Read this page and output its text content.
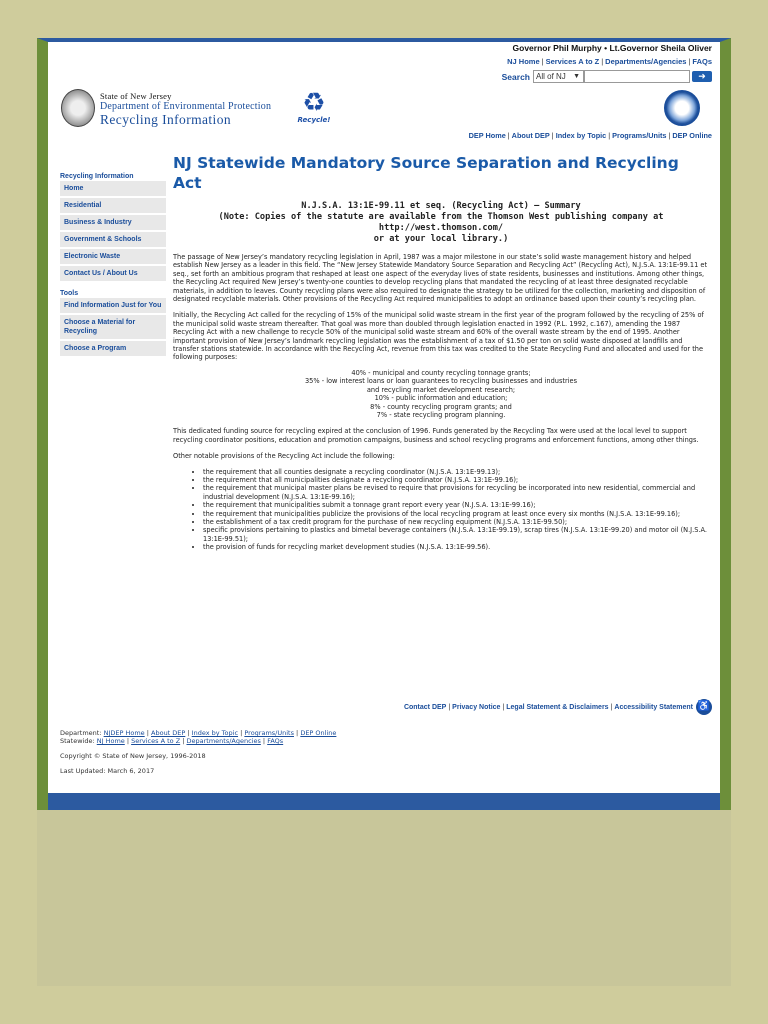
Governor Phil Murphy • Lt.Governor Sheila Oliver
NJ Home | Services A to Z | Departments/Agencies | FAQs
Search All of NJ ▼	➜
State of New Jersey
Department of Environmental Protection
Recycling Information
♻
Recycle!
DEP Home | About DEP | Index by Topic | Programs/Units | DEP Online
Recycling Information
Home
Residential
Business & Industry
Government & Schools
Electronic Waste
Contact Us / About Us
Tools
Find Information Just for You
Choose a Material for Recycling
Choose a Program
NJ Statewide Mandatory Source Separation and Recycling Act
N.J.S.A. 13:1E-99.11 et seq. (Recycling Act) – Summary
(Note: Copies of the statute are available from the Thomson West publishing company at
http://west.thomson.com/
or at your local library.)

The passage of New Jersey’s mandatory recycling legislation in April, 1987 was a major milestone in our state’s solid waste management history and helped establish New Jersey as a leader in this field. The “New Jersey Statewide Mandatory Source Separation and Recycling Act” (Recycling Act), N.J.S.A. 13:1E-99.11 et seq., set forth an ambitious program that reshaped at least one aspect of the everyday lives of state residents, businesses and institutions. Among other things, the Recycling Act required New Jersey’s twenty-one counties to develop recycling plans that mandated the recycling of at least three designated recyclable materials, in addition to leaves. County recycling plans were also required to designate the strategy to be utilized for the collection, marketing and disposition of designated recyclable materials. Other provisions of the Recycling Act required municipalities to adopt an ordinance based upon their county’s recycling plan.

Initially, the Recycling Act called for the recycling of 15% of the municipal solid waste stream in the first year of the program followed by the recycling of 25% of the municipal solid waste stream thereafter. That goal was more than doubled through legislation enacted in 1992 (P.L. 1992, c.167), amending the 1987 Recycling Act with a new challenge to recycle 50% of the municipal solid waste stream and 60% of the overall waste stream by the end of 1995. Another important provision of New Jersey’s landmark recycling legislation was the establishment of a tax of $1.50 per ton on solid waste disposed at landfills and transfer stations statewide. In accordance with the Recycling Act, revenue from this tax was credited to the State Recycling Fund and allocated and used for the following purposes:

40% - municipal and county recycling tonnage grants;
35% - low interest loans or loan guarantees to recycling businesses and industries
and recycling market development research;
10% - public information and education;
8% - county recycling program grants; and
7% - state recycling program planning.

This dedicated funding source for recycling expired at the conclusion of 1996. Funds generated by the Recycling Tax were used at the local level to support recycling coordinator positions, education and promotion campaigns, business and school recycling programs and enforcement functions, among other things.

Other notable provisions of the Recycling Act include the following:

• the requirement that all counties designate a recycling coordinator (N.J.S.A. 13:1E-99.13);
• the requirement that all municipalities designate a recycling coordinator (N.J.S.A. 13:1E-99.16);
• the requirement that municipal master plans be revised to require that provisions for recycling be incorporated into new residential, commercial and industrial development (N.J.S.A. 13:1E-99.16);
• the requirement that municipalities submit a tonnage grant report every year (N.J.S.A. 13:1E-99.16);
• the requirement that municipalities publicize the provisions of the local recycling program at least once every six months (N.J.S.A. 13:1E-99.16);
• the establishment of a tax credit program for the purchase of new recycling equipment (N.J.S.A. 13:1E-99.50);
• specific provisions pertaining to plastics and bimetal beverage containers (N.J.S.A. 13:1E-99.19), scrap tires (N.J.S.A. 13:1E-99.20) and motor oil (N.J.S.A. 13:1E-99.51);
• the provision of funds for recycling market development studies (N.J.S.A. 13:1E-99.56).
Contact DEP | Privacy Notice | Legal Statement & Disclaimers | Accessibility Statement ♿
Department: NJDEP Home | About DEP | Index by Topic | Programs/Units | DEP Online
Statewide: NJ Home | Services A to Z | Departments/Agencies | FAQs
Copyright © State of New Jersey, 1996-2018
Last Updated: March 6, 2017
